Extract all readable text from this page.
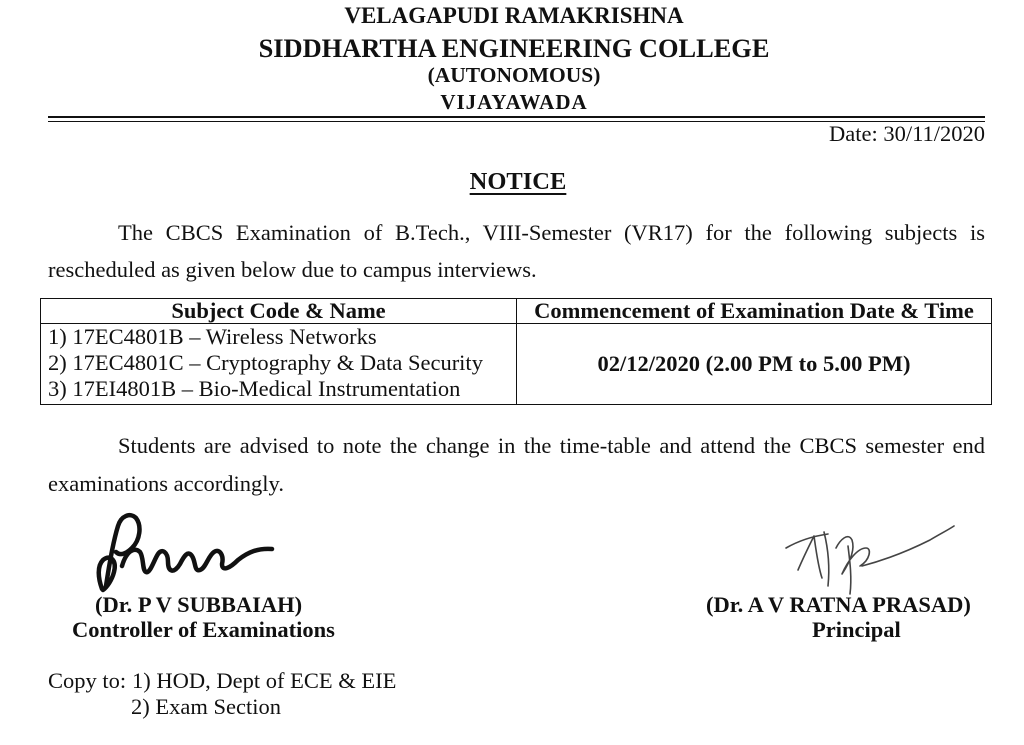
VELAGAPUDI RAMAKRISHNA
SIDDHARTHA ENGINEERING COLLEGE
(AUTONOMOUS)
VIJAYAWADA
Date: 30/11/2020
NOTICE
The CBCS Examination of B.Tech., VIII-Semester (VR17) for the following subjects is
rescheduled as given below due to campus interviews.
Subject Code & Name	Commencement of Examination Date & Time
1) 17EC4801B – Wireless Networks
2) 17EC4801C – Cryptography & Data Security
3) 17EI4801B – Bio-Medical Instrumentation
02/12/2020 (2.00 PM to 5.00 PM)
Students are advised to note the change in the time-table and attend the CBCS semester end
examinations accordingly.
(Dr. P V SUBBAIAH)
Controller of Examinations
(Dr. A V RATNA PRASAD)
Principal
Copy to: 1) HOD, Dept of ECE & EIE
2) Exam Section
